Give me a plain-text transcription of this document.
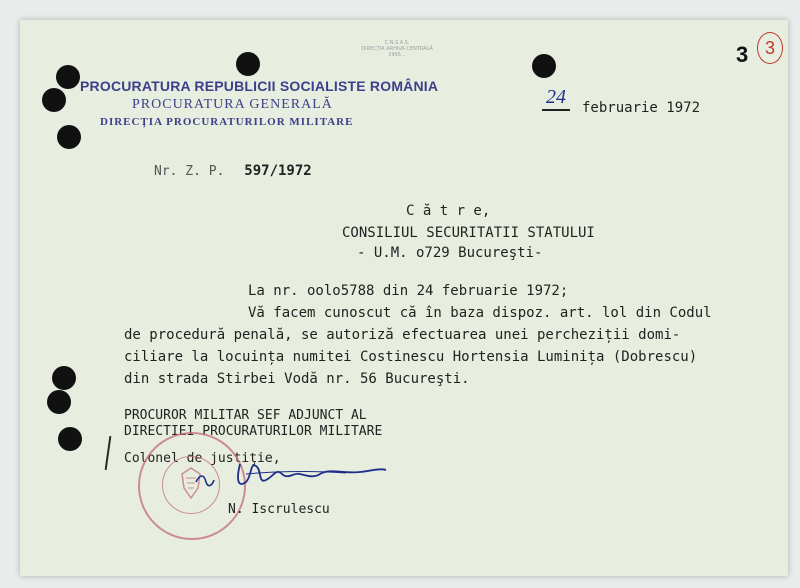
C.N.S.A.S.
DIRECȚIA ARHIVA CENTRALĂ
1965...
PROCURATURA REPUBLICII SOCIALISTE ROMÂNIA
PROCURATURA GENERALĂ
DIRECȚIA PROCURATURILOR MILITARE
3 3
24 februarie 1972
Nr. Z. P. 597/1972
C ă t r e,
CONSILIUL SECURITATII STATULUI
- U.M. o729 Bucureşti-
La nr. oolo5788 din 24 februarie 1972;
Vă facem cunoscut că în baza dispoz. art. lol din Codul
de procedură penală, se autoriză efectuarea unei percheziții domi-
ciliare la locuința numitei Costinescu Hortensia Luminița (Dobrescu)
din strada Stirbei Vodă nr. 56 Bucureşti.
PROCUROR MILITAR SEF ADJUNCT AL
DIRECTIEI PROCURATURILOR MILITARE
Colonel de justiţie,
N. Iscrulescu
